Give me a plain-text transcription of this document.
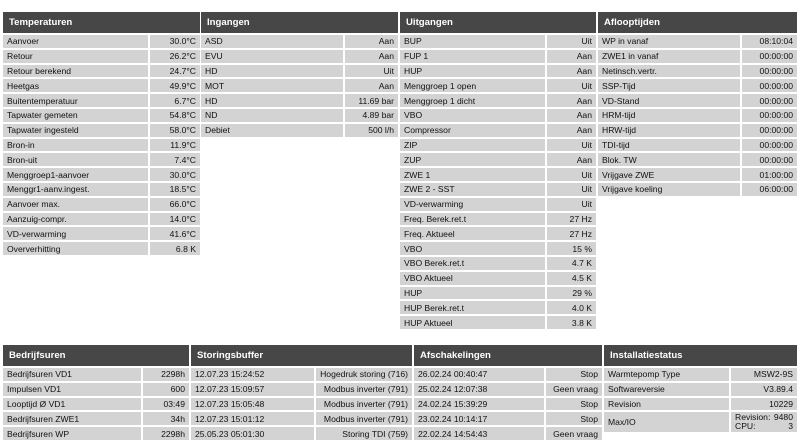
Temperaturen	
Aanvoer	30.0°C
Retour	26.2°C
Retour berekend	24.7°C
Heetgas	49.9°C
Buitentemperatuur	6.7°C
Tapwater gemeten	54.8°C
Tapwater ingesteld	58.0°C
Bron-in	11.9°C
Bron-uit	7.4°C
Menggroep1-aanvoer	30.0°C
Menggr1-aanv.ingest.	18.5°C
Aanvoer max.	66.0°C
Aanzuig-compr.	14.0°C
VD-verwarming	41.6°C
Oververhitting	6.8 K
Ingangen	
ASD	Aan
EVU	Aan
HD	Uit
MOT	Aan
HD	11.69 bar
ND	4.89 bar
Debiet	500 l/h
Uitgangen	
BUP	Uit
FUP 1	Aan
HUP	Aan
Menggroep 1 open	Uit
Menggroep 1 dicht	Aan
VBO	Aan
Compressor	Aan
ZIP	Uit
ZUP	Aan
ZWE 1	Uit
ZWE 2 - SST	Uit
VD-verwarming	Uit
Freq. Berek.ret.t	27 Hz
Freq. Aktueel	27 Hz
VBO	15 %
VBO Berek.ret.t	4.7 K
VBO Aktueel	4.5 K
HUP	29 %
HUP Berek.ret.t	4.0 K
HUP Aktueel	3.8 K
Aflooptijden	
WP in vanaf	08:10:04
ZWE1 in vanaf	00:00:00
Netinsch.vertr.	00:00:00
SSP-Tijd	00:00:00
VD-Stand	00:00:00
HRM-tijd	00:00:00
HRW-tijd	00:00:00
TDI-tijd	00:00:00
Blok. TW	00:00:00
Vrijgave ZWE	01:00:00
Vrijgave koeling	06:00:00
Bedrijfsuren	
Bedrijfsuren VD1	2298h
Impulsen VD1	600
Looptijd Ø VD1	03:49
Bedrijfsuren ZWE1	34h
Bedrijfsuren WP	2298h
Storingsbuffer	
12.07.23 15:24:52	Hogedruk storing (716)
12.07.23 15:09:57	Modbus inverter (791)
12.07.23 15:05:48	Modbus inverter (791)
12.07.23 15:01:12	Modbus inverter (791)
25.05.23 05:01:30	Storing TDI (759)
Afschakelingen	
26.02.24 00:40:47	Stop
25.02.24 12:07:38	Geen vraag
24.02.24 15:39:29	Stop
23.02.24 10:14:17	Stop
22.02.24 14:54:43	Geen vraag
Installatiestatus	
Warmtepomp Type	MSW2-9S
Softwareversie	V3.89.4
Revision	10229
Max/IO	Revision: 9480
CPU: 3
